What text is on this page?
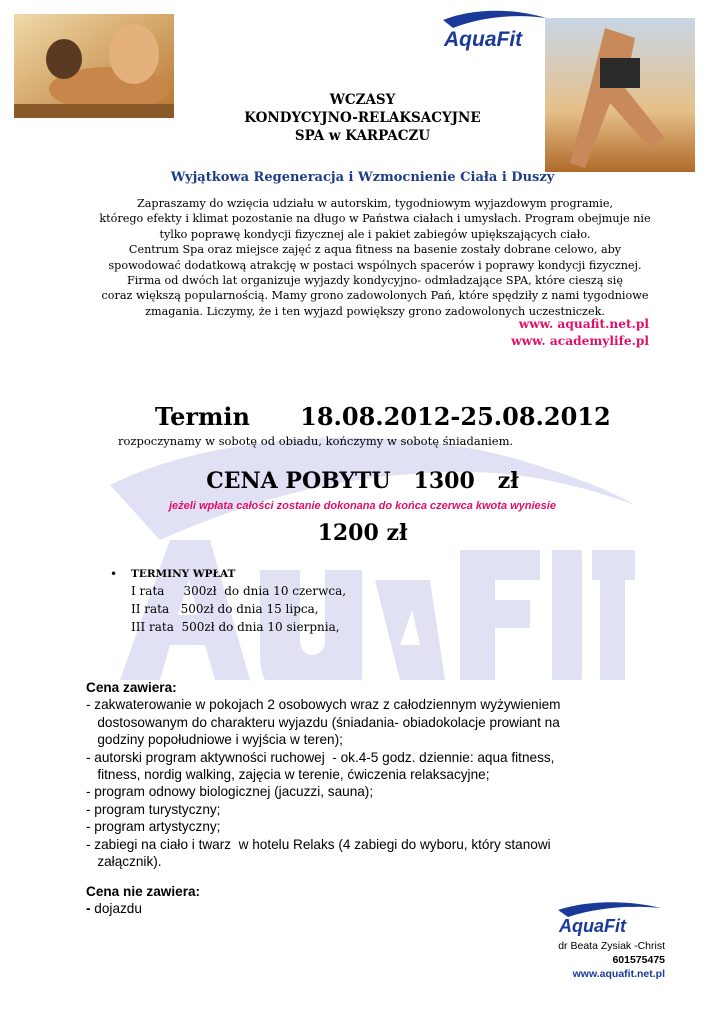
AquaFit
WCZASY
KONDYCYJNO-RELAKSACYJNE
SPA w KARPACZU
Wyjątkowa Regeneracja i Wzmocnienie Ciała i Duszy
Zapraszamy do wzięcia udziału w autorskim, tygodniowym wyjazdowym programie,
którego efekty i klimat pozostanie na długo w Państwa ciałach i umysłach. Program obejmuje nie
tylko poprawę kondycji fizycznej ale i pakiet zabiegów upiększających ciało.
Centrum Spa oraz miejsce zajęć z aqua fitness na basenie zostały dobrane celowo, aby
spowodować dodatkową atrakcję w postaci wspólnych spacerów i poprawy kondycji fizycznej.
Firma od dwóch lat organizuje wyjazdy kondycyjno- odmładzające SPA, które cieszą się
coraz większą popularnością. Mamy grono zadowolonych Pań, które spędziły z nami tygodniowe
zmagania. Liczymy, że i ten wyjazd powiększy grono zadowolonych uczestniczek.
www. aquafit.net.pl
www. academylife.pl
Termin      18.08.2012-25.08.2012
rozpoczynamy w sobotę od obiadu, kończymy w sobotę śniadaniem.
CENA POBYTU   1300   zł
jeżeli wpłata całości zostanie dokonana do końca czerwca kwota wyniesie
1200 zł
• TERMINY WPŁAT
I rata     300zł  do dnia 10 czerwca,
II rata   500zł do dnia 15 lipca,
III rata  500zł do dnia 10 sierpnia,
Cena zawiera:
- zakwaterowanie w pokojach 2 osobowych wraz z całodziennym wyżywieniem
dostosowanym do charakteru wyjazdu (śniadania- obiadokolacje prowiant na
godziny popołudniowe i wyjścia w teren);
- autorski program aktywności ruchowej  - ok.4-5 godz. dziennie: aqua fitness,
fitness, nordig walking, zajęcia w terenie, ćwiczenia relaksacyjne;
- program odnowy biologicznej (jacuzzi, sauna);
- program turystyczny;
- program artystyczny;
- zabiegi na ciało i twarz  w hotelu Relaks (4 zabiegi do wyboru, który stanowi
załącznik).
Cena nie zawiera:
- dojazdu
AquaFit
dr Beata Zysiak -Christ
601575475
www.aquafit.net.pl
